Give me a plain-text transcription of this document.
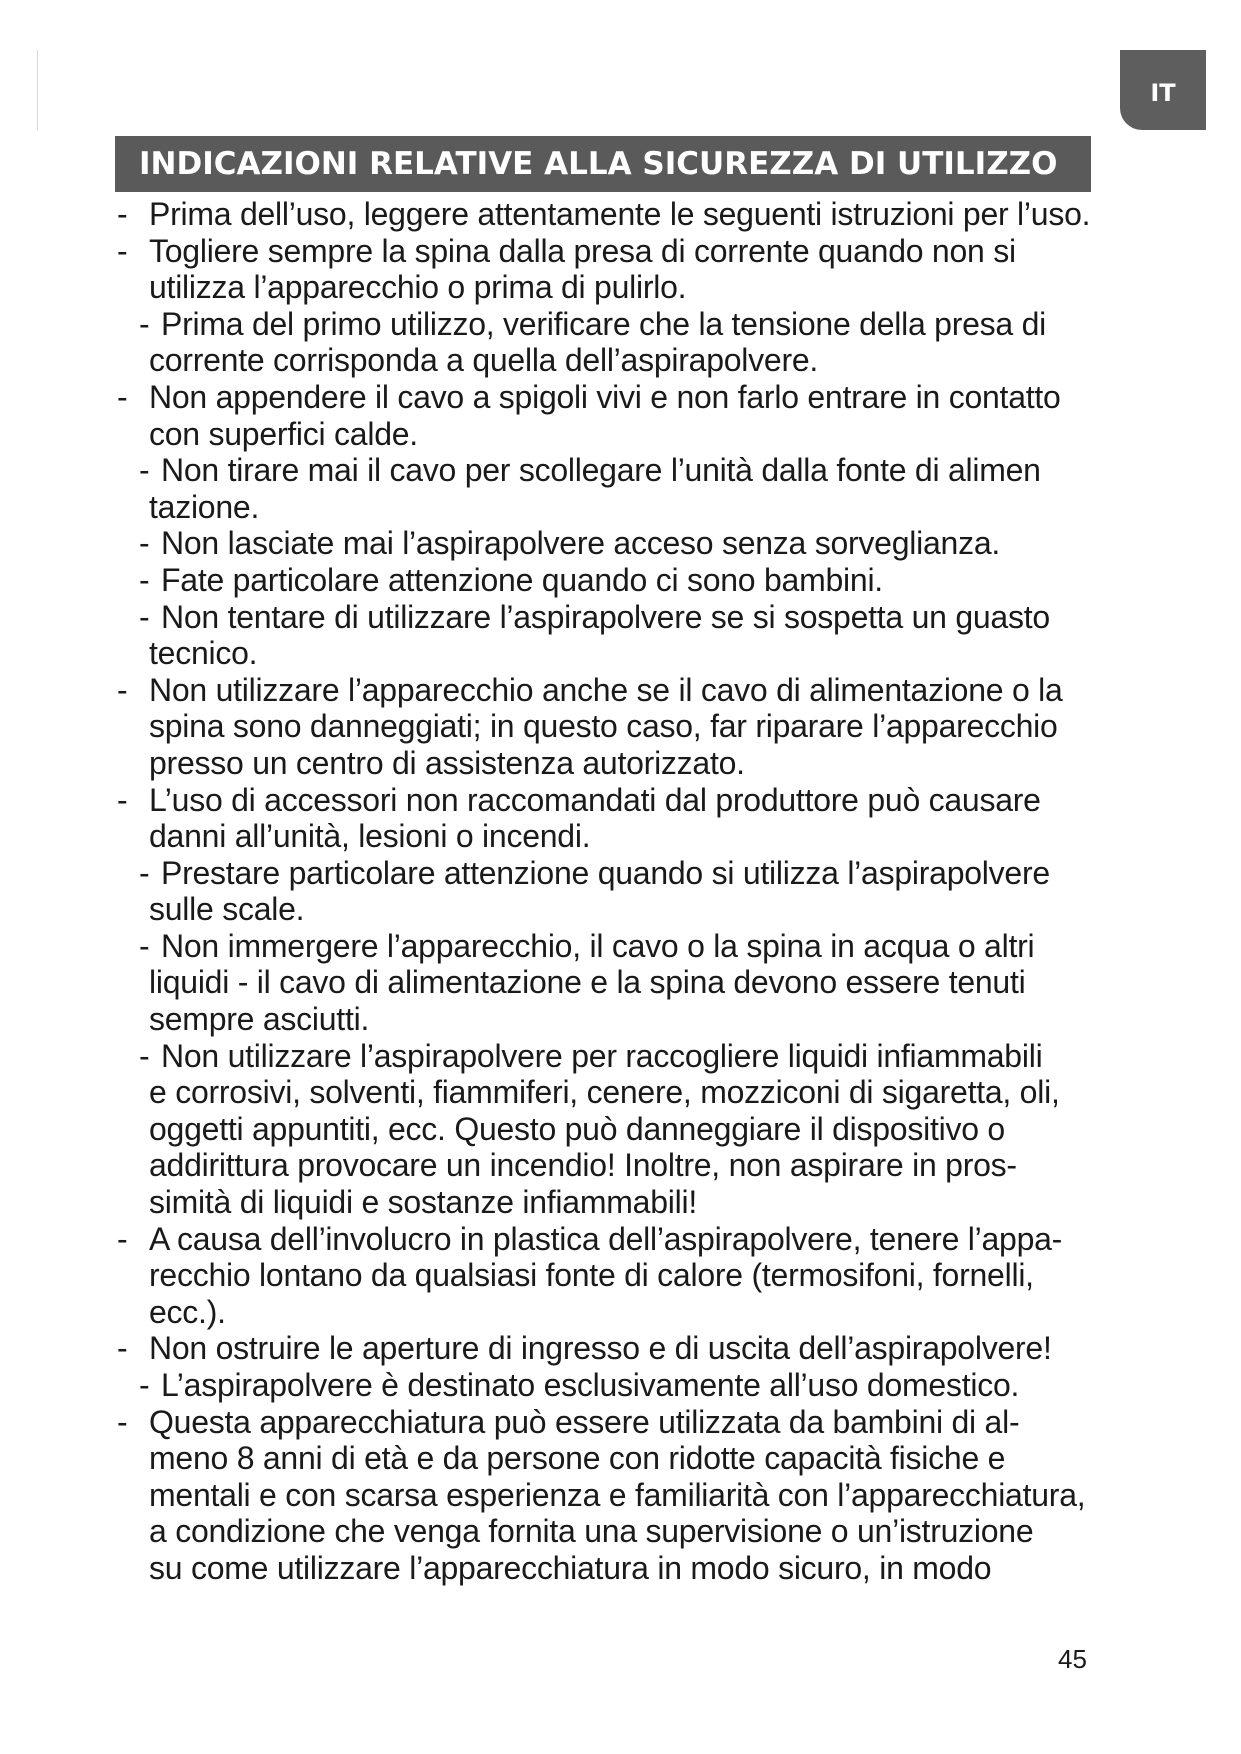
IT
INDICAZIONI RELATIVE ALLA SICUREZZA DI UTILIZZO
- Prima dell’uso, leggere attentamente le seguenti istruzioni per l’uso.
- Togliere sempre la spina dalla presa di corrente quando non si
utilizza l’apparecchio o prima di pulirlo.
- Prima del primo utilizzo, verificare che la tensione della presa di
corrente corrisponda a quella dell’aspirapolvere.
- Non appendere il cavo a spigoli vivi e non farlo entrare in contatto
con superfici calde.
- Non tirare mai il cavo per scollegare l’unità dalla fonte di alimen
tazione.
- Non lasciate mai l’aspirapolvere acceso senza sorveglianza.
- Fate particolare attenzione quando ci sono bambini.
- Non tentare di utilizzare l’aspirapolvere se si sospetta un guasto
tecnico.
- Non utilizzare l’apparecchio anche se il cavo di alimentazione o la
spina sono danneggiati; in questo caso, far riparare l’apparecchio
presso un centro di assistenza autorizzato.
- L’uso di accessori non raccomandati dal produttore può causare
danni all’unità, lesioni o incendi.
- Prestare particolare attenzione quando si utilizza l’aspirapolvere
sulle scale.
- Non immergere l’apparecchio, il cavo o la spina in acqua o altri
liquidi - il cavo di alimentazione e la spina devono essere tenuti
sempre asciutti.
- Non utilizzare l’aspirapolvere per raccogliere liquidi infiammabili
e corrosivi, solventi, fiammiferi, cenere, mozziconi di sigaretta, oli,
oggetti appuntiti, ecc. Questo può danneggiare il dispositivo o
addirittura provocare un incendio! Inoltre, non aspirare in pros-
simità di liquidi e sostanze infiammabili!
- A causa dell’involucro in plastica dell’aspirapolvere, tenere l’appa-
recchio lontano da qualsiasi fonte di calore (termosifoni, fornelli,
ecc.).
- Non ostruire le aperture di ingresso e di uscita dell’aspirapolvere!
- L’aspirapolvere è destinato esclusivamente all’uso domestico.
- Questa apparecchiatura può essere utilizzata da bambini di al-
meno 8 anni di età e da persone con ridotte capacità fisiche e
mentali e con scarsa esperienza e familiarità con l’apparecchiatura,
a condizione che venga fornita una supervisione o un’istruzione
su come utilizzare l’apparecchiatura in modo sicuro, in modo
45
